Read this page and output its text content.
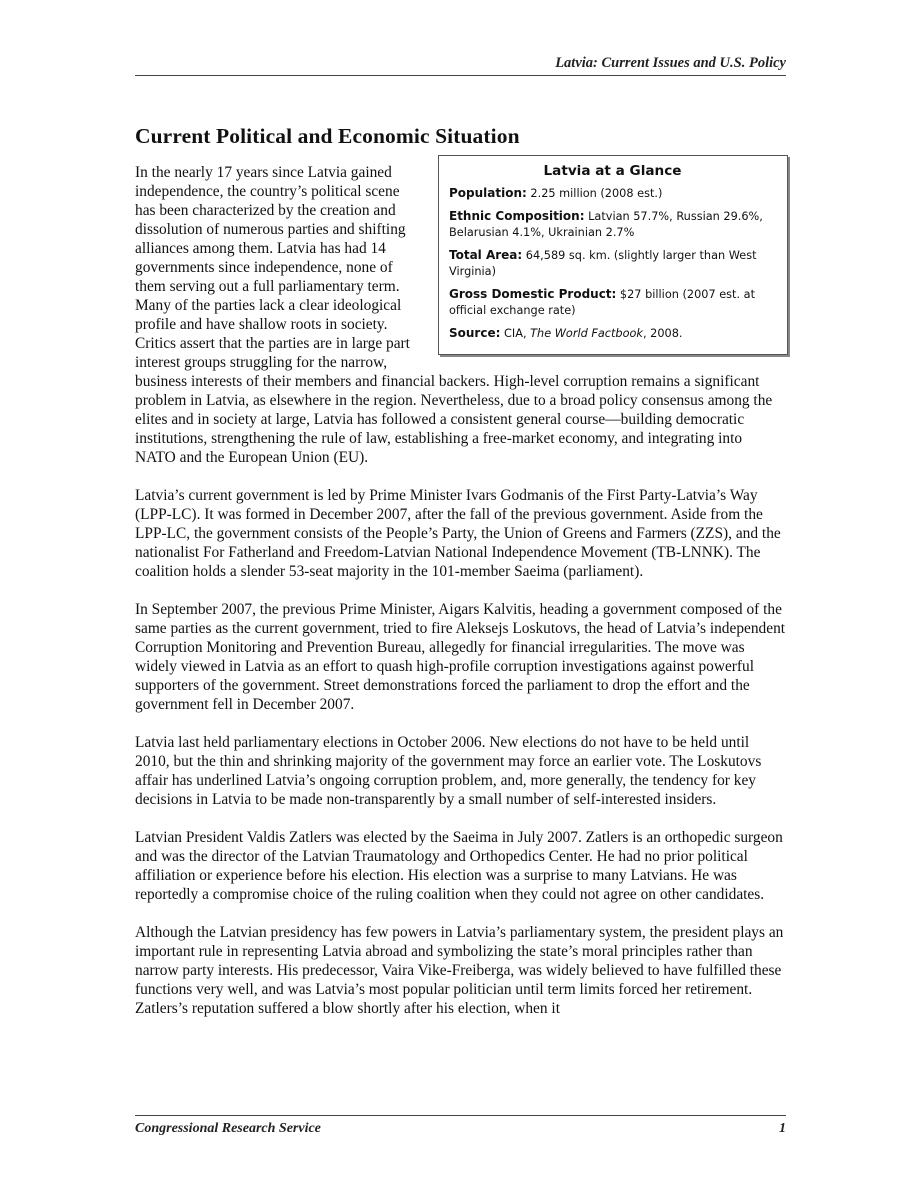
Latvia: Current Issues and U.S. Policy
Current Political and Economic Situation
Latvia at a Glance
Population: 2.25 million (2008 est.)
Ethnic Composition: Latvian 57.7%, Russian 29.6%, Belarusian 4.1%, Ukrainian 2.7%
Total Area: 64,589 sq. km. (slightly larger than West Virginia)
Gross Domestic Product: $27 billion (2007 est. at official exchange rate)
Source: CIA, The World Factbook, 2008.

In the nearly 17 years since Latvia gained independence, the country’s political scene has been characterized by the creation and dissolution of numerous parties and shifting alliances among them. Latvia has had 14 governments since independence, none of them serving out a full parliamentary term. Many of the parties lack a clear ideological profile and have shallow roots in society. Critics assert that the parties are in large part interest groups struggling for the narrow, business interests of their members and financial backers. High-level corruption remains a significant problem in Latvia, as elsewhere in the region. Nevertheless, due to a broad policy consensus among the elites and in society at large, Latvia has followed a consistent general course—building democratic institutions, strengthening the rule of law, establishing a free-market economy, and integrating into NATO and the European Union (EU).

Latvia’s current government is led by Prime Minister Ivars Godmanis of the First Party-Latvia’s Way (LPP-LC). It was formed in December 2007, after the fall of the previous government. Aside from the LPP-LC, the government consists of the People’s Party, the Union of Greens and Farmers (ZZS), and the nationalist For Fatherland and Freedom-Latvian National Independence Movement (TB-LNNK). The coalition holds a slender 53-seat majority in the 101-member Saeima (parliament).

In September 2007, the previous Prime Minister, Aigars Kalvitis, heading a government composed of the same parties as the current government, tried to fire Aleksejs Loskutovs, the head of Latvia’s independent Corruption Monitoring and Prevention Bureau, allegedly for financial irregularities. The move was widely viewed in Latvia as an effort to quash high-profile corruption investigations against powerful supporters of the government. Street demonstrations forced the parliament to drop the effort and the government fell in December 2007.

Latvia last held parliamentary elections in October 2006. New elections do not have to be held until 2010, but the thin and shrinking majority of the government may force an earlier vote. The Loskutovs affair has underlined Latvia’s ongoing corruption problem, and, more generally, the tendency for key decisions in Latvia to be made non-transparently by a small number of self-interested insiders.

Latvian President Valdis Zatlers was elected by the Saeima in July 2007. Zatlers is an orthopedic surgeon and was the director of the Latvian Traumatology and Orthopedics Center. He had no prior political affiliation or experience before his election. His election was a surprise to many Latvians. He was reportedly a compromise choice of the ruling coalition when they could not agree on other candidates.

Although the Latvian presidency has few powers in Latvia’s parliamentary system, the president plays an important rule in representing Latvia abroad and symbolizing the state’s moral principles rather than narrow party interests. His predecessor, Vaira Vike-Freiberga, was widely believed to have fulfilled these functions very well, and was Latvia’s most popular politician until term limits forced her retirement. Zatlers’s reputation suffered a blow shortly after his election, when it

Congressional Research Service	1
